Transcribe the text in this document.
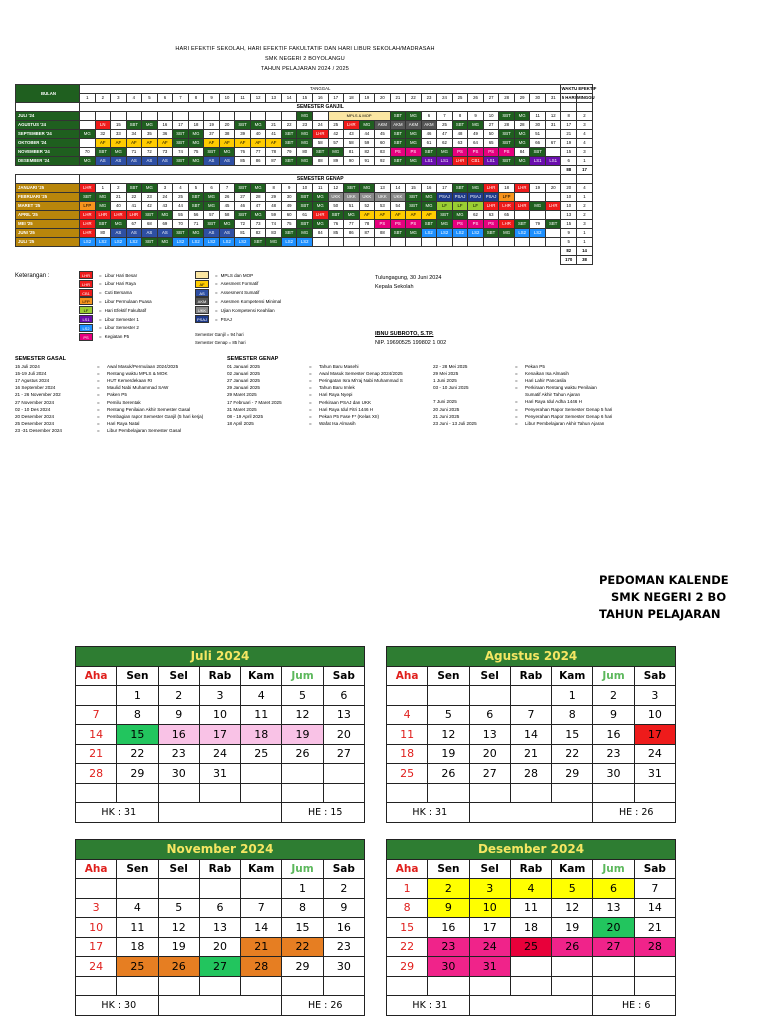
HARI EFEKTIF SEKOLAH, HARI EFEKTIF FAKULTATIF DAN HARI LIBUR SEKOLAH/MADRASAH
SMK NEGERI 2 BOYOLANGU
TAHUN PELAJARAN 2024 / 2025
BULAN	TANGGAL																															WAKTU EFEKTIF	
	1	2	3	4	5	6	7	8	9	10	11	12	13	14	15	16	17	18	19	20	21	22	23	24	25	26	27	28	29	30	31	5 HARI	MINGGU
	SEMESTER GANJIL																																
JULI '24															MG		MPLS & MOP				SBT	MG	6	7	8	9	10	SBT	MG	11	12	8	2
AGUSTUS '24		LN	15	SBT	MG	16	17	18	19	20	SBT	MG	21	22	23	24	25	LHR	MG	AKM	AKM	AKM	AKM	25	SBT	MG	27	28	28	30	31	17	3
SEPTEMBER '24	MG	32	33	34	35	36	SBT	MG	37	38	39	40	41	SBT	MG	LHR	42	43	44	45	SBT	MG	46	47	48	49	50	SBT	MG	51		21	4
OKTOBER '24		AF	AF	AF	AF	AF	SBT	MG	AF	AF	AF	AF	AF	SBT	MG	58	57	58	59	60	SBT	MG	61	62	63	64	65	SBT	MG	66	67	19	4
NOVEMBER '24	70	SBT	MG	71	72	73	74	75	SBT	MG	76	77	78	79	80	SBT	MG	81	82	83	PS	PS	SBT	MG	PS	PS	PS	PS	84	SBT		15	3
DESEMBER '24	MG	AS	AS	AS	AS	AS	SBT	MG	AS	AS	85	86	87	SBT	MG	88	89	90	91	92	SBT	MG	LS1	LS1	LHR	CB1	LS1	SBT	MG	LS1	LS1	6	1
																																88	17
	SEMESTER GENAP																																
JANUARI '25	LHR	1	2	SBT	MG	3	4	5	6	7	SBT	MG	8	9	10	11	12	SBT	MG	13	14	15	16	17	SBT	MG	LHR	18	LHR	19	20	20	4
FEBRUARI '25	SBT	MG	21	22	23	24	25	SBT	MG	26	27	28	29	30	SBT	MG	UKK	UKK	UKK	UKK	UKK	SBT	MG	PSAJ	PSAJ	PSAJ	PSAJ	LFP				10	1
MARET '25	LFP	MG	40	41	42	43	44	SBT	MG	45	46	47	48	49	SBT	MG	50	51	52	53	54	SBT	MG	LF	LF	LF	LHR	LHR	LHR	MG	LHR	10	2
APRIL '25	LHR	LHR	LHR	LHR	SBT	MG	55	56	57	58	SBT	MG	59	60	61	LHR	SBT	MG	AF	AF	AF	AF	AF	SBT	MG	62	63	65				13	2
MEI '25	LHR	SBT	MG	67	68	69	70	71	SBT	MG	72	73	74	75	SBT	MG	76	77	78	PS	PS	PS	SBT	MG	PS	PS	PS	LHR	SBT	79	SBT	15	3
JUNI '25	LHR	80	AS	AS	AS	AS	SBT	MG	AS	AS	81	82	83	SBT	MG	84	85	86	87	88	SBT	MG	LS2	LS2	LS2	LS2	SBT	MG	LS2	LS2		9	1
JULI '25	LS2	LS2	LS2	LS2	SBT	MG	LS2	LS2	LS2	LS2	LS2	SBT	MG	LS2	LS2																	5	1
																																82	14
																																170	38
Keterangan :	Tulungagung, 30 Juni 2024
Kepala Sekolah
IBNU SUBROTO, S.TP.
NIP. 19690525 199802 1 002
Semester Ganjil = 94 hari
Semester Genap = 85 hari
LHR	= Libur Hari Besar
LHR	= Libur Hari Raya
CB1	= Cuti Bersama
LFP	= Libur Permulaan Puasa
LF	= Hari Efektif Fakultatif
LS1	= Libur Semester 1
LS2	= Libur Semester 2
PS	= Kegiatan P5
= MPLS dan MOP
AF	= Asesment Formatif
AS	= Assesment Sumatif
AKM	= Asesmen Kompetensi Minimal
UKK	= Ujian Kompetensi Keahlian
PSAJ	= PSAJ
SEMESTER GASAL
15 Juli 2024	=	Awal Masuk/Permulaan 2024/2025
15-19 Juli 2024	=	Rentang waktu MPLS & MOK
17 Agustus 2024	=	HUT Kemerdekaan RI
16 September 2024	=	Maulid Nabi Muhammad SAW
21 - 26 November 202	=	Paken P5
27 November 2024	=	Pemilu Serentak
02 - 10 Des 2024	=	Rentang Penilaian Akhir Semester Gasal
20 Desember 2024	=	Pembagian rapor Semester Ganjil (5 hari kerja)
25 Desember 2024	=	Hari Raya Natal
23 -31 Desember 2024	=	Libur Pembelajaran Semester Gasal
SEMESTER GENAP
01 Januari 2025	=	Tahun Baru Masehi
02 Januari 2025	=	Awal Masuk Semester Genap 2024/2025
27 Januari 2025	=	Peringatan Isra Mi'raj Nabi Muhammad S
29 Januari 2025	=	Tahun Baru Imlek
29 Maret 2025	=	Hari Raya Nyepi
17 Februari - 7 Maret 2025	=	Perkiraan PSAJ dan UKK
31 Maret 2025	=	Hari Raya Idul Fitri 1446 H
08 - 19 April 2025	=	Pekan P5 Fase F* (Kelas XII)
18 April 2025	=	Wafat Isa Almasih
22 - 28 Mei 2025	=	Pekan P5
29 Mei 2025	=	Kenaikan Isa Almasih
1 Juni 2025	=	Hari Lahir Pancasila
03 - 10 Juni 2025	=	Perkiraan Rentang waktu Penilaian
Sumatif Akhir Tahun Ajaran
7 Juni 2025	=	Hari Raya Idul Adha 1446 H
20 Juni 2025	=	Penyerahan Rapor Semester Genap 5 hari
21 Juni 2025	=	Penyerahan Rapor Semester Genap 6 hari
23 Juni - 13 Juli 2025	=	Libur Pembelajaran Akhir Tahun Ajaran
PEDOMAN KALENDE
SMK NEGERI 2 BO
TAHUN PELAJARAN
Juli 2024						
Aha	Sen	Sel	Rab	Kam	Jum	Sab
	1	2	3	4	5	6
7	8	9	10	11	12	13
14	15	16	17	18	19	20
21	22	23	24	25	26	27
28	29	30	31			

HK : 31					HE : 15	
Agustus 2024						
Aha	Sen	Sel	Rab	Kam	Jum	Sab
				1	2	3
4	5	6	7	8	9	10
11	12	13	14	15	16	17
18	19	20	21	22	23	24
25	26	27	28	29	30	31

HK : 31					HE : 26	
November 2024						
Aha	Sen	Sel	Rab	Kam	Jum	Sab
					1	2
3	4	5	6	7	8	9
10	11	12	13	14	15	16
17	18	19	20	21	22	23
24	25	26	27	28	29	30

HK : 30					HE : 26	
Desember 2024						
Aha	Sen	Sel	Rab	Kam	Jum	Sab
1	2	3	4	5	6	7
8	9	10	11	12	13	14
15	16	17	18	19	20	21
22	23	24	25	26	27	28
29	30	31				

HK : 31					HE : 6	
